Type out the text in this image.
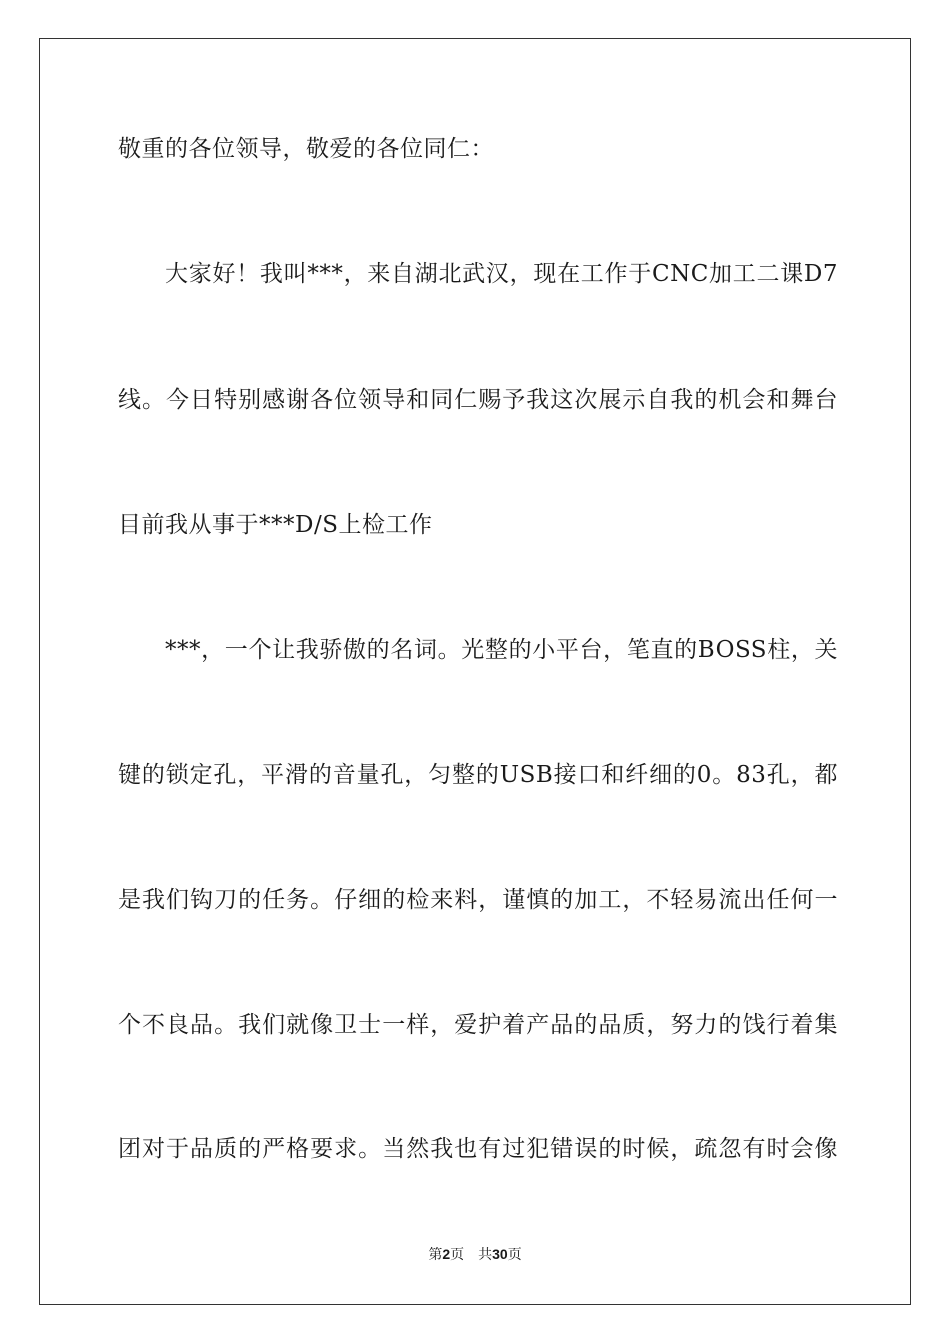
敬重的各位领导，敬爱的各位同仁：
大家好！我叫***，来自湖北武汉，现在工作于CNC加工二课D7
线。今日特别感谢各位领导和同仁赐予我这次展示自我的机会和舞台
目前我从事于***D/S上检工作
***，一个让我骄傲的名词。光整的小平台，笔直的BOSS柱，关
键的锁定孔，平滑的音量孔，匀整的USB接口和纤细的0。83孔，都
是我们钩刀的任务。仔细的检来料，谨慎的加工，不轻易流出任何一
个不良品。我们就像卫士一样，爱护着产品的品质，努力的饯行着集
团对于品质的严格要求。当然我也有过犯错误的时候，疏忽有时会像
第2页 共30页
